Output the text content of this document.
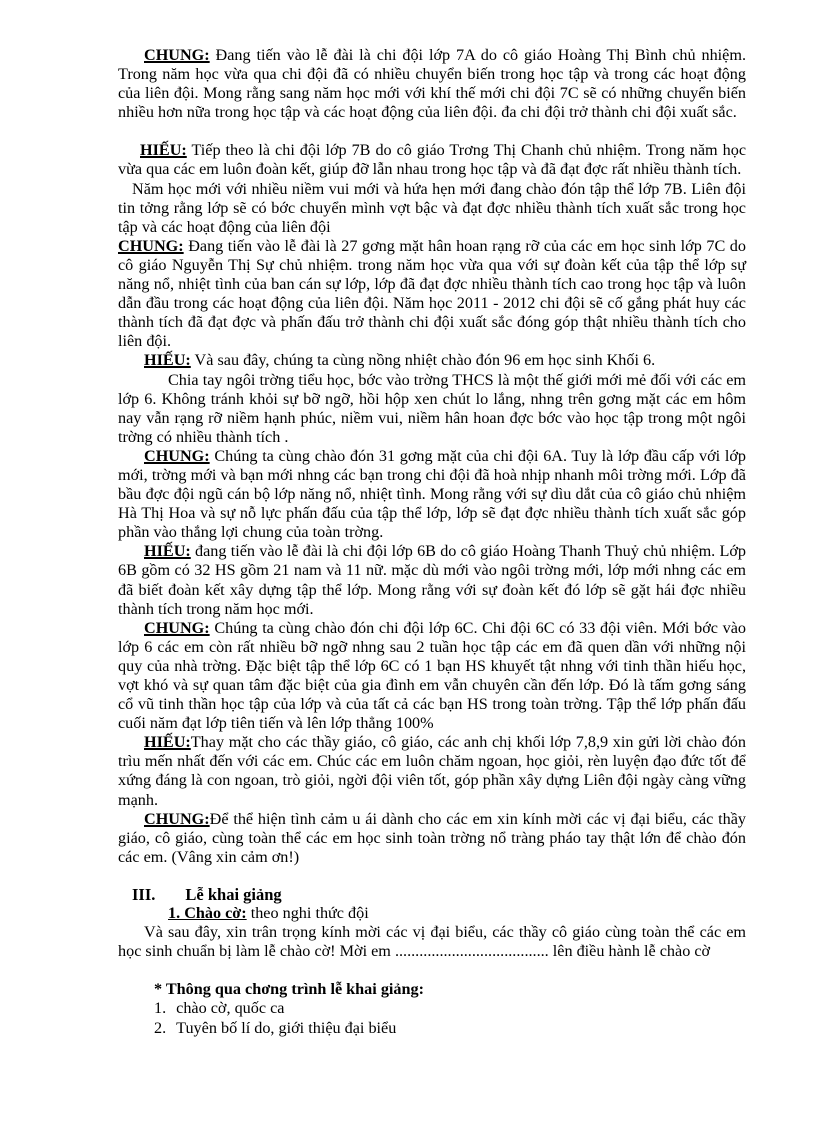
CHUNG: Đang tiến vào lễ đài là chi đội lớp 7A do cô giáo Hoàng Thị Bình chủ nhiệm. Trong năm học vừa qua chi đội đã có nhiều chuyển biến trong học tập và trong các hoạt động của liên đội. Mong rằng sang năm học mới với khí thế mới chi đội 7C sẽ có những chuyển biến nhiều hơn nữa trong học tập và các hoạt động của liên đội. đa chi đội trở thành chi đội xuất sắc.

HIẾU: Tiếp theo là chi đội lớp 7B do cô giáo Trơng Thị Chanh chủ nhiệm. Trong năm học vừa qua các em luôn đoàn kết, giúp đỡ lẫn nhau trong học tập và đã đạt đợc rất nhiều thành tích.

Năm học mới với nhiều niềm vui mới và hứa hẹn mới đang chào đón tập thể lớp 7B. Liên đội tin tởng rằng lớp sẽ có bớc chuyển mình vợt bậc và đạt đợc nhiều thành tích xuất sắc trong học tập và các hoạt động của liên đội

CHUNG: Đang tiến vào lễ đài là 27 gơng mặt hân hoan rạng rỡ của các em học sinh lớp 7C do cô giáo Nguyễn Thị Sự chủ nhiệm. trong năm học vừa qua với sự đoàn kết của tập thể lớp sự năng nổ, nhiệt tình của ban cán sự lớp, lớp đã đạt đợc nhiều thành tích cao trong học tập và luôn dẫn đầu trong các hoạt động của liên đội. Năm học 2011 - 2012 chi đội sẽ cố gắng phát huy các thành tích đã đạt đợc và phấn đấu trở thành chi đội xuất sắc đóng góp thật nhiều thành tích cho liên đội.

HIẾU: Và sau đây, chúng ta cùng nồng nhiệt chào đón 96 em học sinh Khối 6.

Chia tay ngôi trờng tiểu học, bớc vào trờng THCS là một thế giới mới mẻ đối với các em lớp 6. Không tránh khỏi sự bỡ ngỡ, hồi hộp xen chút lo lắng, nhng trên gơng mặt các em hôm nay vẫn rạng rỡ niềm hạnh phúc, niềm vui, niềm hân hoan đợc bớc vào học tập trong một ngôi trờng có nhiều thành tích .

CHUNG: Chúng ta cùng chào đón 31 gơng mặt của chi đội 6A. Tuy là lớp đầu cấp với lớp mới, trờng mới và bạn mới nhng các bạn trong chi đội đã hoà nhịp nhanh môi trờng mới. Lớp đã bầu đợc đội ngũ cán bộ lớp năng nổ, nhiệt tình. Mong rằng với sự dìu dắt của cô giáo chủ nhiệm Hà Thị Hoa và sự nỗ lực phấn đấu của tập thể lớp, lớp sẽ đạt đợc nhiều thành tích xuất sắc góp phần vào thắng lợi chung của toàn trờng.

HIẾU: đang tiến vào lễ đài là chi đội lớp 6B do cô giáo Hoàng Thanh Thuỷ chủ nhiệm. Lớp 6B gồm có 32 HS gồm 21 nam và 11 nữ. mặc dù mới vào ngôi trờng mới, lớp mới nhng các em đã biết đoàn kết xây dựng tập thể lớp. Mong rằng với sự đoàn kết đó lớp sẽ gặt hái đợc nhiều thành tích trong năm học mới.

CHUNG: Chúng ta cùng chào đón chi đội lớp 6C. Chi đội 6C có 33 đội viên. Mới bớc vào lớp 6 các em còn rất nhiều bỡ ngỡ nhng sau 2 tuần học tập các em đã quen dần với những nội quy của nhà trờng. Đặc biệt tập thể lớp 6C có 1 bạn HS khuyết tật nhng với tinh thần hiếu học, vợt khó và sự quan tâm đặc biệt của gia đình em vẫn chuyên cần đến lớp. Đó là tấm gơng sáng cổ vũ tinh thần học tập của lớp và của tất cả các bạn HS trong toàn trờng. Tập thể lớp phấn đấu cuối năm đạt lớp tiên tiến và lên lớp thẳng 100%

HIẾU:Thay mặt cho các thầy giáo, cô giáo, các anh chị khối lớp 7,8,9 xin gửi lời chào đón trìu mến nhất đến với các em. Chúc các em luôn chăm ngoan, học giỏi, rèn luyện đạo đức tốt để xứng đáng là con ngoan, trò giỏi, ngời đội viên tốt, góp phần xây dựng Liên đội ngày càng vững mạnh.

CHUNG:Để thể hiện tình cảm u ái dành cho các em xin kính mời các vị đại biểu, các thầy giáo, cô giáo, cùng toàn thể các em học sinh toàn trờng nổ tràng pháo tay thật lớn để chào đón các em. (Vâng xin cảm ơn!)

III. Lễ khai giảng

1. Chào cờ: theo nghi thức đội

Và sau đây, xin trân trọng kính mời các vị đại biểu, các thầy cô giáo cùng toàn thể các em học sinh chuẩn bị làm lễ chào cờ! Mời em ...................................... lên điều hành lễ chào cờ

* Thông qua chơng trình lễ khai giảng:

1. chào cờ, quốc ca
2. Tuyên bố lí do, giới thiệu đại biểu
